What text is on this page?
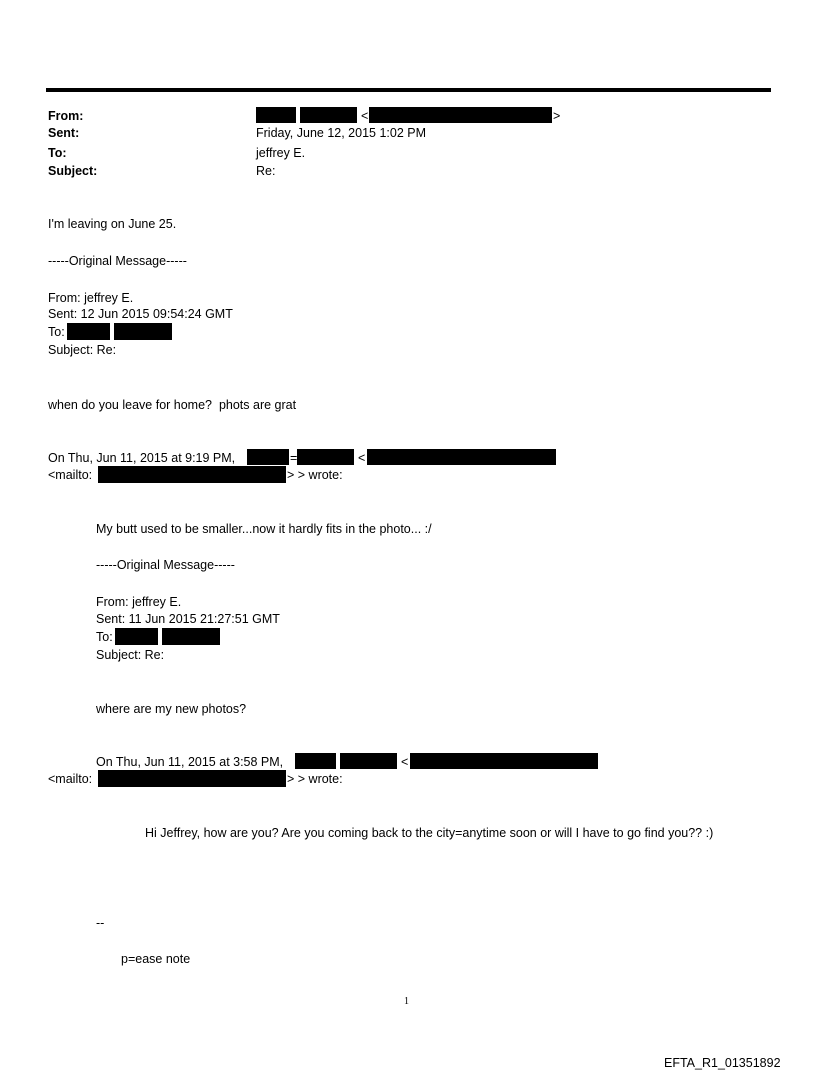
From:	<	>
Sent:	Friday, June 12, 2015 1:02 PM
To:	jeffrey E.
Subject:	Re:
I'm leaving on June 25.
-----Original Message-----
From: jeffrey E.
Sent: 12 Jun 2015 09:54:24 GMT
To:
Subject: Re:
when do you leave for home?  phots are grat
On Thu, Jun 11, 2015 at 9:19 PM,	=	<
<mailto:	> > wrote:
My butt used to be smaller...now it hardly fits in the photo... :/
-----Original Message-----
From: jeffrey E.
Sent: 11 Jun 2015 21:27:51 GMT
To:
Subject: Re:
where are my new photos?
On Thu, Jun 11, 2015 at 3:58 PM,	<
<mailto:	> > wrote:
Hi Jeffrey, how are you? Are you coming back to the city=anytime soon or will I have to go find you?? :)
--
p=ease note
1
EFTA_R1_01351892
